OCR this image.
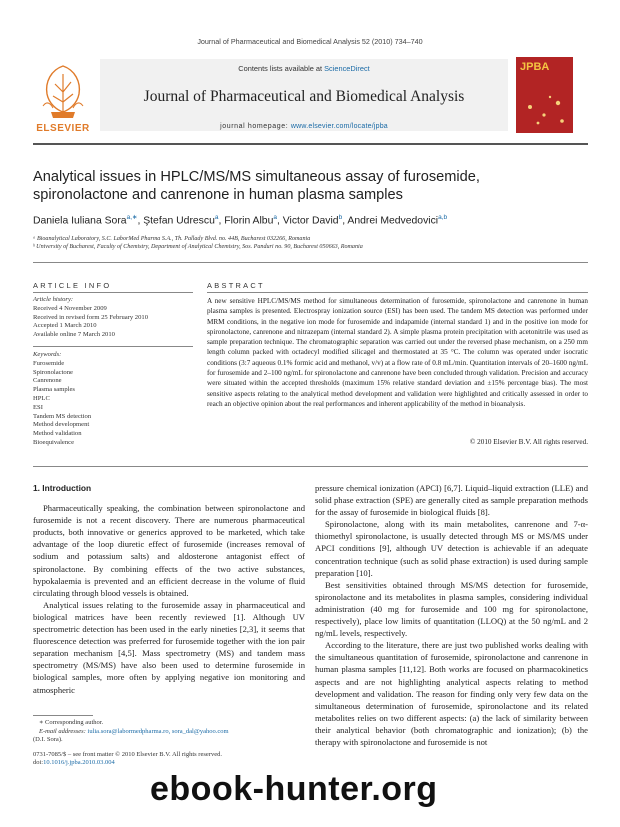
Journal of Pharmaceutical and Biomedical Analysis 52 (2010) 734–740
ELSEVIER
Contents lists available at ScienceDirect
Journal of Pharmaceutical and Biomedical Analysis
journal homepage: www.elsevier.com/locate/jpba
JPBA
Analytical issues in HPLC/MS/MS simultaneous assay of furosemide, spironolactone and canrenone in human plasma samples
Daniela Iuliana Sora$^{a,∗}$, Ştefan Udrescu$^a$, Florin Albu$^a$, Victor David$^b$, Andrei Medvedovici$^{a,b}$
ᵃ Bioanalytical Laboratory, S.C. LaborMed Pharma S.A., Th. Pallady Blvd. no. 44B, Bucharest 032266, Romania
ᵇ University of Bucharest, Faculty of Chemistry, Department of Analytical Chemistry, Sos. Panduri no. 90, Bucharest 050663, Romania
ARTICLE INFO
Article history:
Received 4 November 2009
Received in revised form 25 February 2010
Accepted 1 March 2010
Available online 7 March 2010
Keywords:
Furosemide
Spironolactone
Canrenone
Plasma samples
HPLC
ESI
Tandem MS detection
Method development
Method validation
Bioequivalence
ABSTRACT
A new sensitive HPLC/MS/MS method for simultaneous determination of furosemide, spironolactone and canrenone in human plasma samples is presented. Electrospray ionization source (ESI) has been used. The tandem MS detection was performed under MRM conditions, in the negative ion mode for furosemide and indapamide (internal standard 1) and in the positive ion mode for spironolactone, canrenone and nitrazepam (internal standard 2). A simple plasma protein precipitation with acetonitrile was used as sample preparation technique. The chromatographic separation was carried out under the reversed phase mechanism, on a 250 mm length column packed with octadecyl modified silicagel and thermostated at 35 °C. The column was operated under isocratic conditions (3:7 aqueous 0.1% formic acid and methanol, v/v) at a flow rate of 0.8 mL/min. Quantitation intervals of 20–1600 ng/mL for furosemide and 2–100 ng/mL for spironolactone and canrenone have been concluded through validation. Precision and accuracy were situated within the accepted thresholds (maximum 15% relative standard deviation and ±15% percentage bias). The most sensitive aspects relating to the analytical method development and validation were highlighted and critically assessed in order to reach an objective opinion about the real performances and inherent applicability of the method in bioanalysis.
© 2010 Elsevier B.V. All rights reserved.

1. Introduction

Pharmaceutically speaking, the combination between spironolactone and furosemide is not a recent discovery. There are numerous pharmaceutical products, both innovative or generics approved to be marketed, which take advantage of the loop diuretic effect of furosemide (increases removal of sodium and potassium salts) and aldosterone antagonist effect of spironolactone. By combining effects of the two active substances, hypokalaemia is prevented and an efficient decrease in the volume of fluid circulating through blood vessels is obtained.

Analytical issues relating to the furosemide assay in pharmaceutical and biological matrices have been recently reviewed [1]. Although UV spectrometric detection has been used in the early nineties [2,3], it seems that fluorescence detection was preferred for furosemide together with the ion pair separation mechanism [4,5]. Mass spectrometry (MS) and tandem mass spectrometry (MS/MS) have also been used to determine furosemide in biological samples, more often by applying negative ion monitoring and atmospheric

pressure chemical ionization (APCI) [6,7]. Liquid–liquid extraction (LLE) and solid phase extraction (SPE) are generally cited as sample preparation methods for the assay of furosemide in biological fluids [8].

Spironolactone, along with its main metabolites, canrenone and 7-α-thiomethyl spironolactone, is usually detected through MS or MS/MS under APCI conditions [9], although UV detection is achievable if an adequate concentration technique (such as solid phase extraction) is used during sample preparation [10].

Best sensitivities obtained through MS/MS detection for furosemide, spironolactone and its metabolites in plasma samples, considering individual administration (40 mg for furosemide and 100 mg for spironolactone, respectively), place low limits of quantitation (LLOQ) at the 50 ng/mL and 2 ng/mL levels, respectively.

According to the literature, there are just two published works dealing with the simultaneous quantitation of furosemide, spironolactone and canrenone in human plasma samples [11,12]. Both works are focused on pharmacokinetics aspects and are not highlighting analytical aspects relating to method development and validation. The reason for finding only very few data on the simultaneous determination of furosemide, spironolactone and its related metabolites relies on two different aspects: (a) the lack of similarity between their analytical behavior (both chromatographic and ionization); (b) the therapy with spironolactone and furosemide is not

∗ Corresponding author.
E-mail addresses: iulia.sora@labormedpharma.ro, sora_dal@yahoo.com
(D.I. Sora).
0731-7085/$ – see front matter © 2010 Elsevier B.V. All rights reserved.
doi:10.1016/j.jpba.2010.03.004
ebook-hunter.org
